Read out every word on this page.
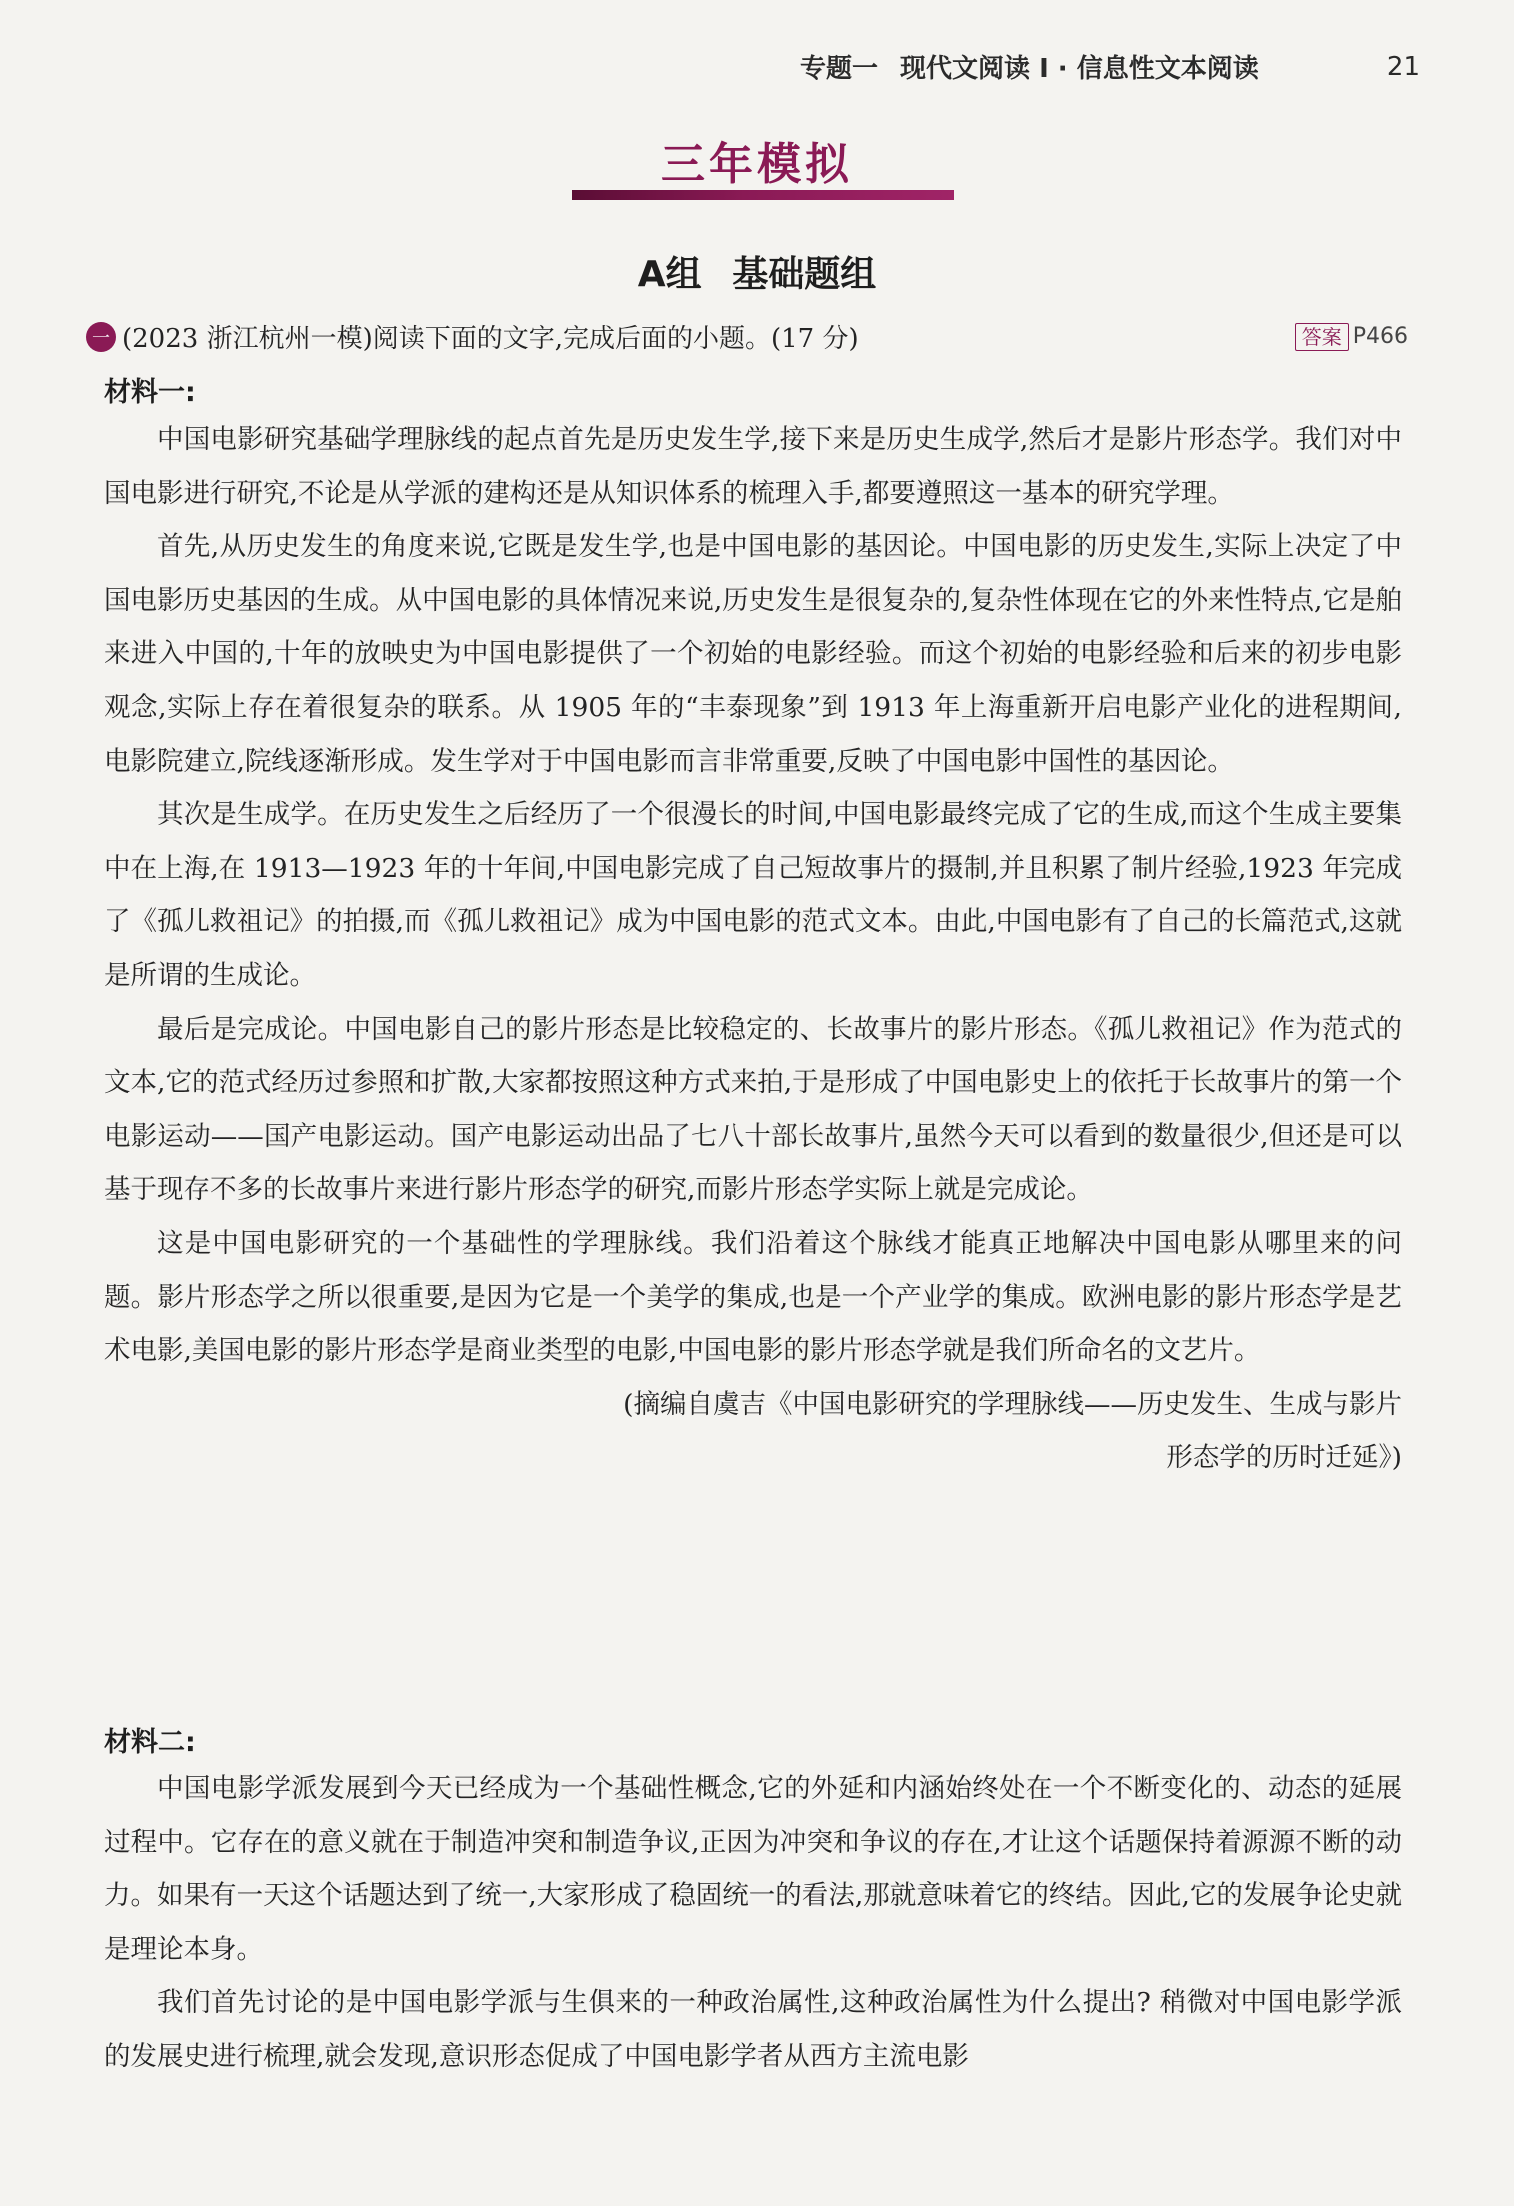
专题一 现代文阅读 Ⅰ · 信息性文本阅读	21
三年模拟
A组 基础题组
一 (2023 浙江杭州一模)阅读下面的文字,完成后面的小题。(17 分)	答案 P466
材料一:

中国电影研究基础学理脉线的起点首先是历史发生学,接下来是历史生成学,然后才是影片形态学。我们对中国电影进行研究,不论是从学派的建构还是从知识体系的梳理入手,都要遵照这一基本的研究学理。

首先,从历史发生的角度来说,它既是发生学,也是中国电影的基因论。中国电影的历史发生,实际上决定了中国电影历史基因的生成。从中国电影的具体情况来说,历史发生是很复杂的,复杂性体现在它的外来性特点,它是舶来进入中国的,十年的放映史为中国电影提供了一个初始的电影经验。而这个初始的电影经验和后来的初步电影观念,实际上存在着很复杂的联系。从 1905 年的“丰泰现象”到 1913 年上海重新开启电影产业化的进程期间,电影院建立,院线逐渐形成。发生学对于中国电影而言非常重要,反映了中国电影中国性的基因论。

其次是生成学。在历史发生之后经历了一个很漫长的时间,中国电影最终完成了它的生成,而这个生成主要集中在上海,在 1913—1923 年的十年间,中国电影完成了自己短故事片的摄制,并且积累了制片经验,1923 年完成了《孤儿救祖记》的拍摄,而《孤儿救祖记》成为中国电影的范式文本。由此,中国电影有了自己的长篇范式,这就是所谓的生成论。

最后是完成论。中国电影自己的影片形态是比较稳定的、长故事片的影片形态。《孤儿救祖记》作为范式的文本,它的范式经历过参照和扩散,大家都按照这种方式来拍,于是形成了中国电影史上的依托于长故事片的第一个电影运动——国产电影运动。国产电影运动出品了七八十部长故事片,虽然今天可以看到的数量很少,但还是可以基于现存不多的长故事片来进行影片形态学的研究,而影片形态学实际上就是完成论。

这是中国电影研究的一个基础性的学理脉线。我们沿着这个脉线才能真正地解决中国电影从哪里来的问题。影片形态学之所以很重要,是因为它是一个美学的集成,也是一个产业学的集成。欧洲电影的影片形态学是艺术电影,美国电影的影片形态学是商业类型的电影,中国电影的影片形态学就是我们所命名的文艺片。

(摘编自虞吉《中国电影研究的学理脉线——历史发生、生成与影片
形态学的历时迁延》)

材料二:

中国电影学派发展到今天已经成为一个基础性概念,它的外延和内涵始终处在一个不断变化的、动态的延展过程中。它存在的意义就在于制造冲突和制造争议,正因为冲突和争议的存在,才让这个话题保持着源源不断的动力。如果有一天这个话题达到了统一,大家形成了稳固统一的看法,那就意味着它的终结。因此,它的发展争论史就是理论本身。

我们首先讨论的是中国电影学派与生俱来的一种政治属性,这种政治属性为什么提出? 稍微对中国电影学派的发展史进行梳理,就会发现,意识形态促成了中国电影学者从西方主流电影
